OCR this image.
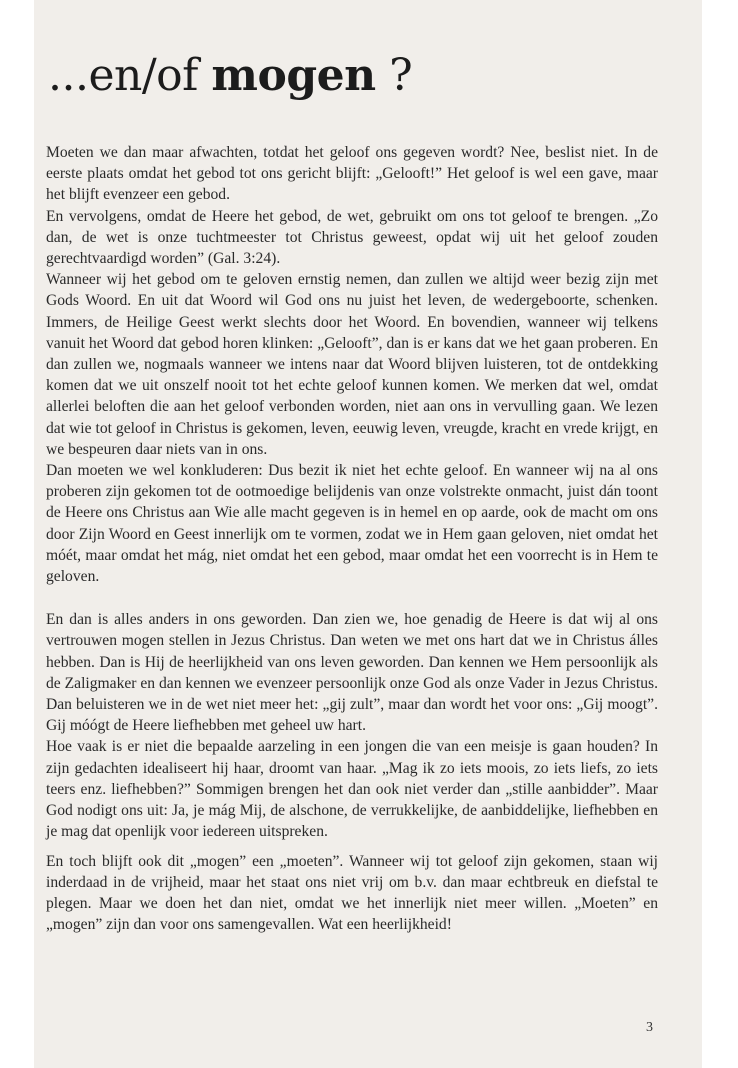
...en/of mogen ?

Moeten we dan maar afwachten, totdat het geloof ons gegeven wordt? Nee, beslist niet. In de eerste plaats omdat het gebod tot ons gericht blijft: „Gelooft!” Het geloof is wel een gave, maar het blijft evenzeer een gebod.

En vervolgens, omdat de Heere het gebod, de wet, gebruikt om ons tot geloof te brengen. „Zo dan, de wet is onze tuchtmeester tot Christus geweest, opdat wij uit het geloof zouden gerechtvaardigd worden” (Gal. 3:24).

Wanneer wij het gebod om te geloven ernstig nemen, dan zullen we altijd weer bezig zijn met Gods Woord. En uit dat Woord wil God ons nu juist het leven, de wedergeboorte, schenken. Immers, de Heilige Geest werkt slechts door het Woord. En bovendien, wanneer wij telkens vanuit het Woord dat gebod horen klinken: „Gelooft”, dan is er kans dat we het gaan proberen. En dan zullen we, nogmaals wanneer we intens naar dat Woord blijven luisteren, tot de ontdekking komen dat we uit onszelf nooit tot het echte geloof kunnen komen. We merken dat wel, omdat allerlei beloften die aan het geloof verbonden worden, niet aan ons in vervulling gaan. We lezen dat wie tot geloof in Christus is gekomen, leven, eeuwig leven, vreugde, kracht en vrede krijgt, en we bespeuren daar niets van in ons.

Dan moeten we wel konkluderen: Dus bezit ik niet het echte geloof. En wanneer wij na al ons proberen zijn gekomen tot de ootmoedige belijdenis van onze volstrekte onmacht, juist dán toont de Heere ons Christus aan Wie alle macht gegeven is in hemel en op aarde, ook de macht om ons door Zijn Woord en Geest innerlijk om te vormen, zodat we in Hem gaan geloven, niet omdat het móét, maar omdat het mág, niet omdat het een gebod, maar omdat het een voorrecht is in Hem te geloven.

En dan is alles anders in ons geworden. Dan zien we, hoe genadig de Heere is dat wij al ons vertrouwen mogen stellen in Jezus Christus. Dan weten we met ons hart dat we in Christus álles hebben. Dan is Hij de heerlijkheid van ons leven geworden. Dan kennen we Hem persoonlijk als de Zaligmaker en dan kennen we evenzeer persoonlijk onze God als onze Vader in Jezus Christus.

Dan beluisteren we in de wet niet meer het: „gij zult”, maar dan wordt het voor ons: „Gij moogt”. Gij móógt de Heere liefhebben met geheel uw hart.

Hoe vaak is er niet die bepaalde aarzeling in een jongen die van een meisje is gaan houden? In zijn gedachten idealiseert hij haar, droomt van haar. „Mag ik zo iets moois, zo iets liefs, zo iets teers enz. liefhebben?” Sommigen brengen het dan ook niet verder dan „stille aanbidder”. Maar God nodigt ons uit: Ja, je mág Mij, de alschone, de verrukkelijke, de aanbiddelijke, liefhebben en je mag dat openlijk voor iedereen uitspreken.

En toch blijft ook dit „mogen” een „moeten”. Wanneer wij tot geloof zijn gekomen, staan wij inderdaad in de vrijheid, maar het staat ons niet vrij om b.v. dan maar echtbreuk en diefstal te plegen. Maar we doen het dan niet, omdat we het innerlijk niet meer willen. „Moeten” en „mogen” zijn dan voor ons samengevallen. Wat een heerlijkheid!

3
